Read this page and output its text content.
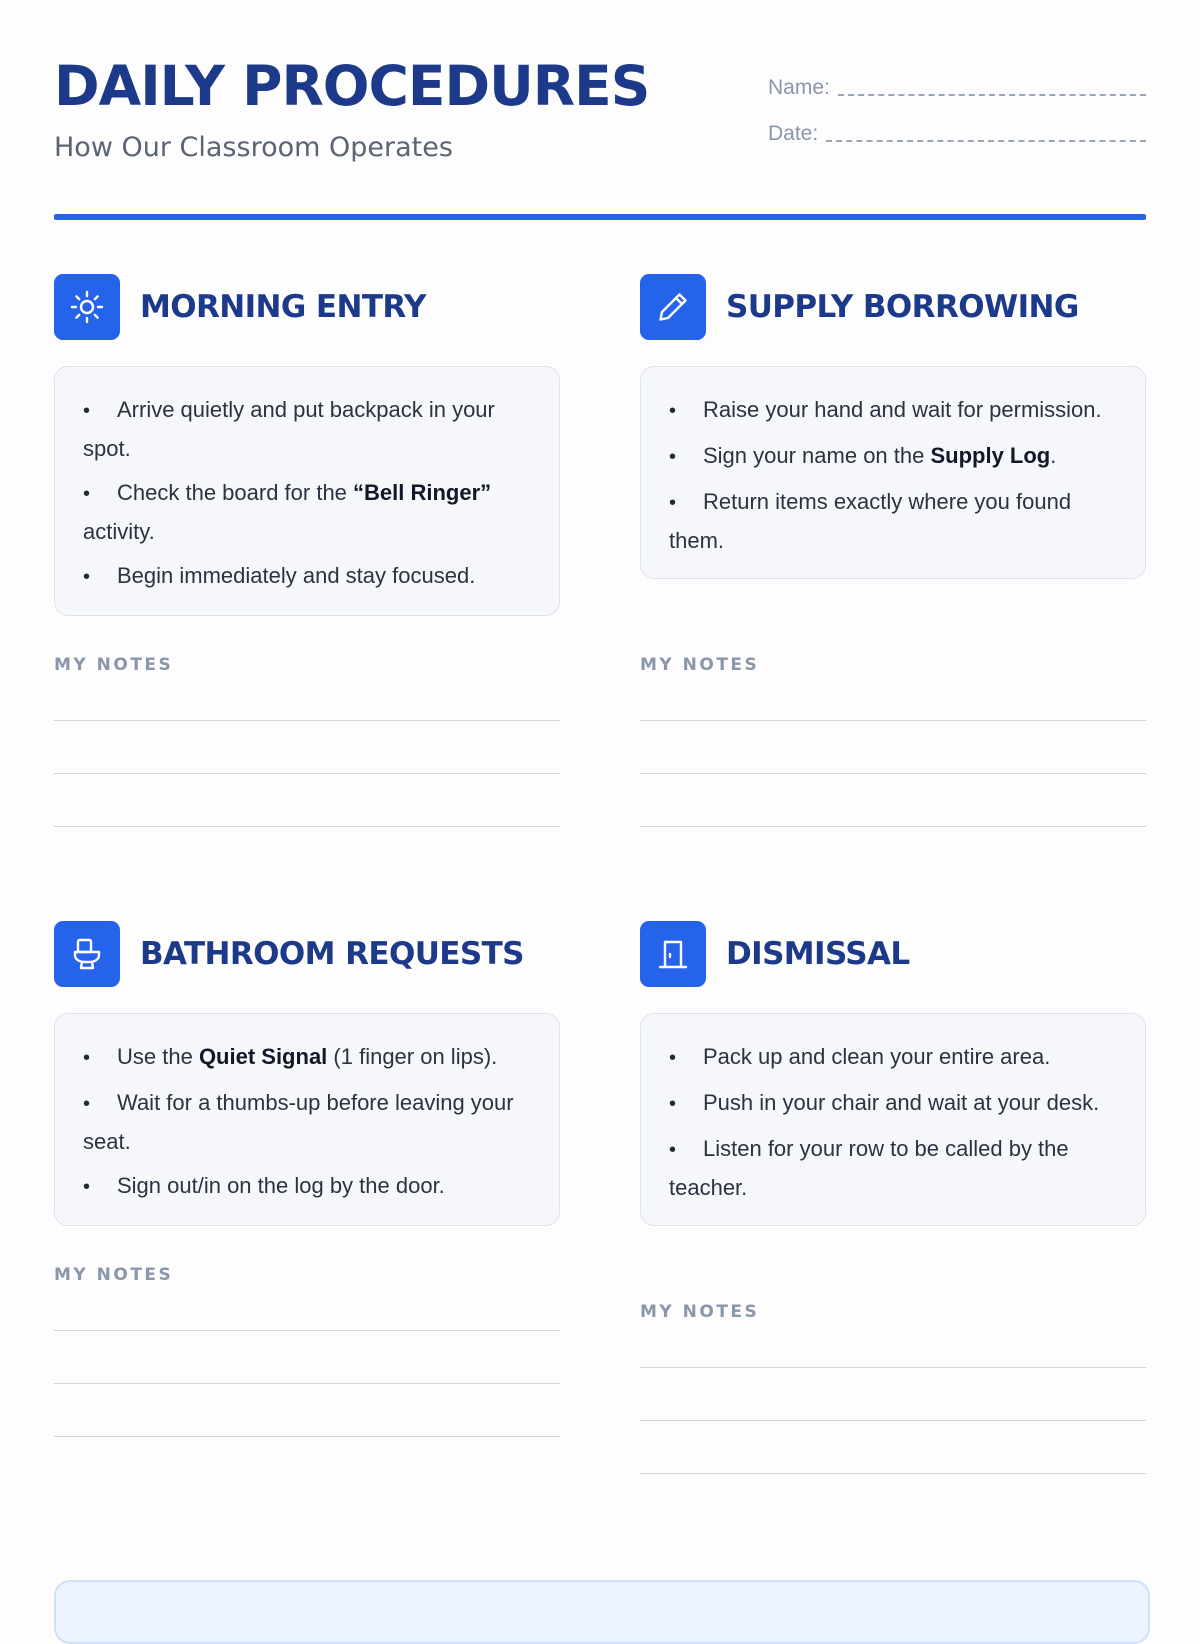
DAILY PROCEDURES
How Our Classroom Operates
Name:
Date:
MORNING ENTRY
• Arrive quietly and put backpack in your spot.
• Check the board for the “Bell Ringer” activity.
• Begin immediately and stay focused.
MY NOTES
SUPPLY BORROWING
• Raise your hand and wait for permission.
• Sign your name on the Supply Log.
• Return items exactly where you found them.
MY NOTES
BATHROOM REQUESTS
• Use the Quiet Signal (1 finger on lips).
• Wait for a thumbs-up before leaving your seat.
• Sign out/in on the log by the door.
MY NOTES
DISMISSAL
• Pack up and clean your entire area.
• Push in your chair and wait at your desk.
• Listen for your row to be called by the teacher.
MY NOTES
